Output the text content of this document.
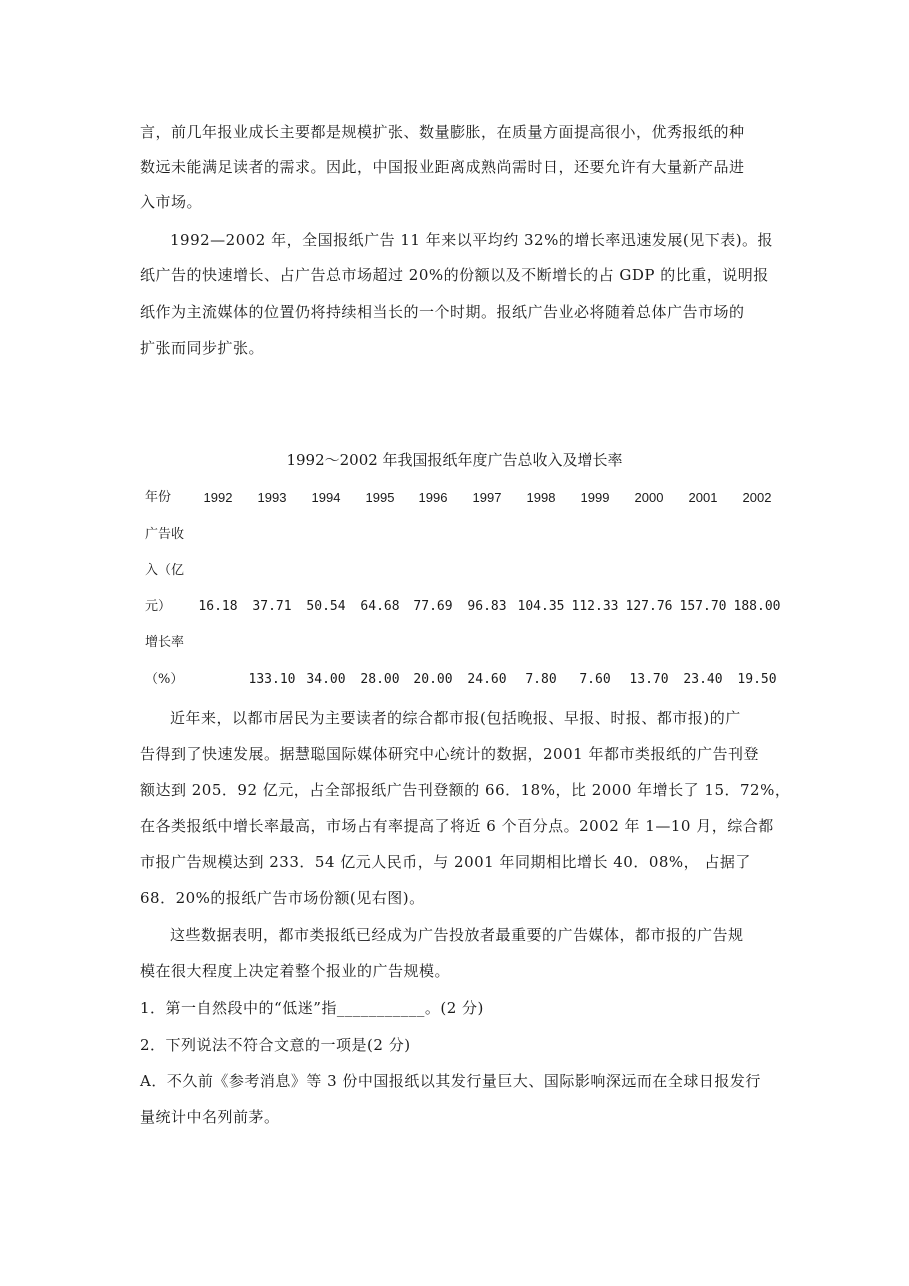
言，前几年报业成长主要都是规模扩张、数量膨胀，在质量方面提高很小，优秀报纸的种
数远未能满足读者的需求。因此，中国报业距离成熟尚需时日，还要允许有大量新产品进
入市场。
1992—2002 年，全国报纸广告 11 年来以平均约 32%的增长率迅速发展(见下表)。报
纸广告的快速增长、占广告总市场超过 20%的份额以及不断增长的占 GDP 的比重，说明报
纸作为主流媒体的位置仍将持续相当长的一个时期。报纸广告业必将随着总体广告市场的
扩张而同步扩张。
1992～2002 年我国报纸年度广告总收入及增长率
年份
广告收
入（亿
元）
增长率
（%）
1992 1993 1994 1995 1996 1997 1998 1999 2000 2001 2002
16.18 37.71 50.54 64.68 77.69 96.83 104.35 112.33 127.76 157.70 188.00
133.10 34.00 28.00 20.00 24.60 7.80 7.60 13.70 23.40 19.50
近年来，以都市居民为主要读者的综合都市报(包括晚报、早报、时报、都市报)的广
告得到了快速发展。据慧聪国际媒体研究中心统计的数据，2001 年都市类报纸的广告刊登
额达到 205．92 亿元，占全部报纸广告刊登额的 66．18%，比 2000 年增长了 15．72%，
在各类报纸中增长率最高，市场占有率提高了将近 6 个百分点。2002 年 1—10 月，综合都
市报广告规模达到 233．54 亿元人民币，与 2001 年同期相比增长 40．08%， 占据了
68．20%的报纸广告市场份额(见右图)。
这些数据表明，都市类报纸已经成为广告投放者最重要的广告媒体，都市报的广告规
模在很大程度上决定着整个报业的广告规模。
1．第一自然段中的“低迷”指___________。(2 分)
2．下列说法不符合文意的一项是(2 分)
A．不久前《参考消息》等 3 份中国报纸以其发行量巨大、国际影响深远而在全球日报发行
量统计中名列前茅。
